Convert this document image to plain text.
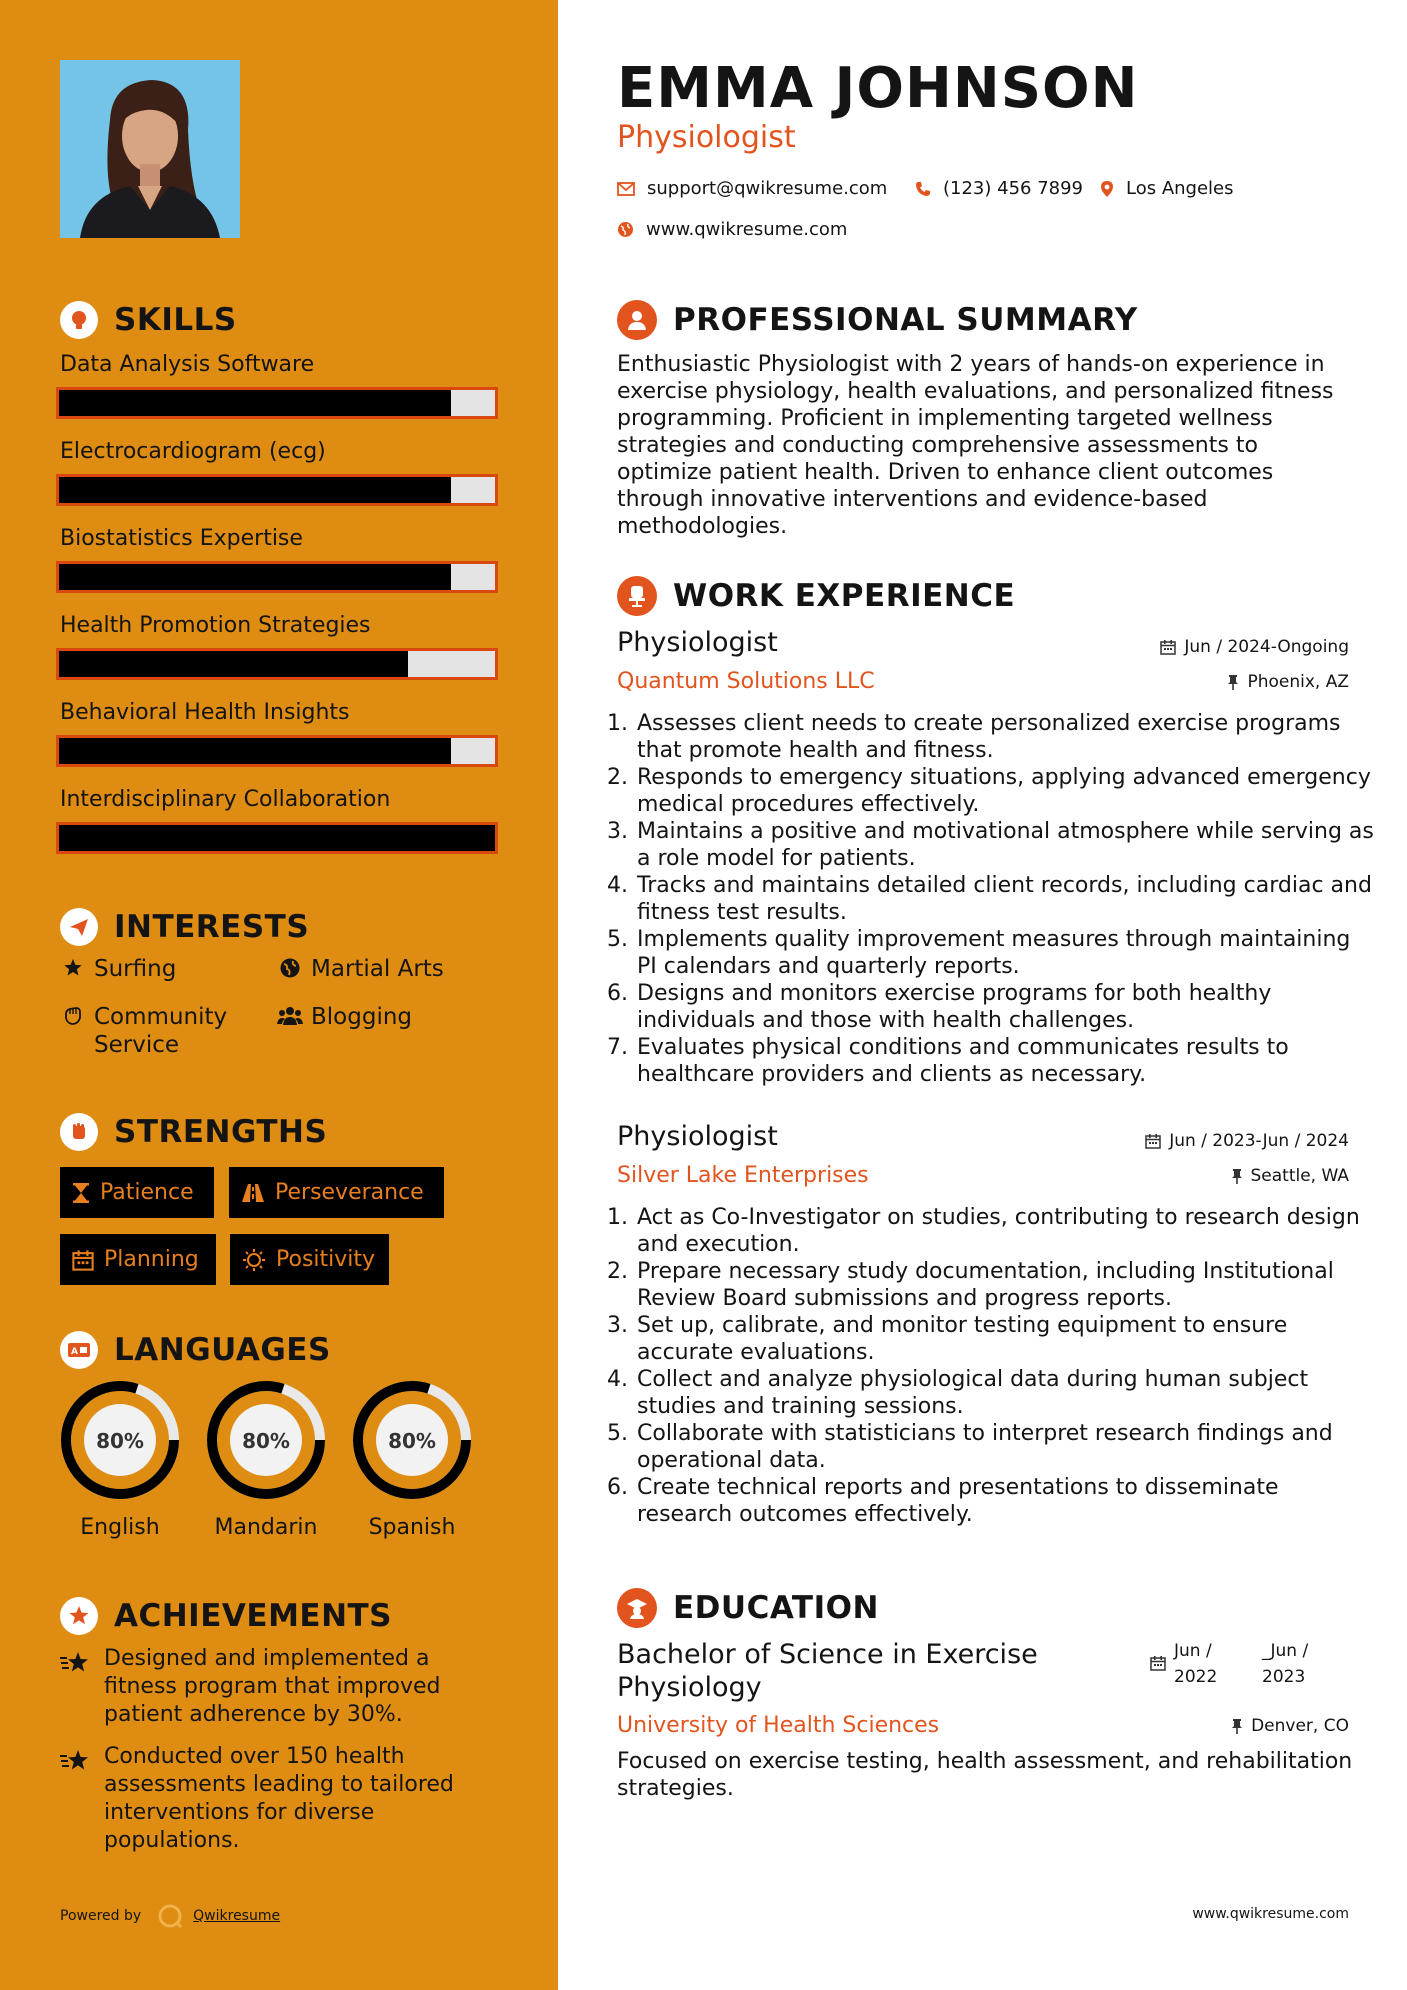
SKILLS
Data Analysis Software
Electrocardiogram (ecg)
Biostatistics Expertise
Health Promotion Strategies
Behavioral Health Insights
Interdisciplinary Collaboration
INTERESTS
Surfing	Martial Arts
Community Service
Blogging
STRENGTHS
Patience	Perseverance
Planning	Positivity
A LANGUAGES
80%
English
80%
Mandarin
80%
Spanish
ACHIEVEMENTS
Designed and implemented a fitness program that improved patient adherence by 30%.
Conducted over 150 health assessments leading to tailored interventions for diverse populations.
Powered by	Qwikresume
EMMA JOHNSON
Physiologist
support@qwikresume.com	(123) 456 7899 Los Angeles
www.qwikresume.com
PROFESSIONAL SUMMARY
Enthusiastic Physiologist with 2 years of hands-on experience in exercise physiology, health evaluations, and personalized fitness programming. Proficient in implementing targeted wellness strategies and conducting comprehensive assessments to optimize patient health. Driven to enhance client outcomes through innovative interventions and evidence-based methodologies.
WORK EXPERIENCE
Physiologist	Jun / 2024-Ongoing
Quantum Solutions LLC	Phoenix, AZ
1. Assesses client needs to create personalized exercise programs that promote health and fitness.
2. Responds to emergency situations, applying advanced emergency medical procedures effectively.
3. Maintains a positive and motivational atmosphere while serving as a role model for patients.
4. Tracks and maintains detailed client records, including cardiac and fitness test results.
5. Implements quality improvement measures through maintaining PI calendars and quarterly reports.
6. Designs and monitors exercise programs for both healthy individuals and those with health challenges.
7. Evaluates physical conditions and communicates results to healthcare providers and clients as necessary.
Physiologist	Jun / 2023-Jun / 2024
Silver Lake Enterprises	Seattle, WA
1. Act as Co-Investigator on studies, contributing to research design and execution.
2. Prepare necessary study documentation, including Institutional Review Board submissions and progress reports.
3. Set up, calibrate, and monitor testing equipment to ensure accurate evaluations.
4. Collect and analyze physiological data during human subject studies and training sessions.
5. Collaborate with statisticians to interpret research findings and operational data.
6. Create technical reports and presentations to disseminate research outcomes effectively.
EDUCATION
Bachelor of Science in Exercise Physiology
Jun / 2022
_Jun / 2023
University of Health Sciences	Denver, CO
Focused on exercise testing, health assessment, and rehabilitation strategies.
www.qwikresume.com
